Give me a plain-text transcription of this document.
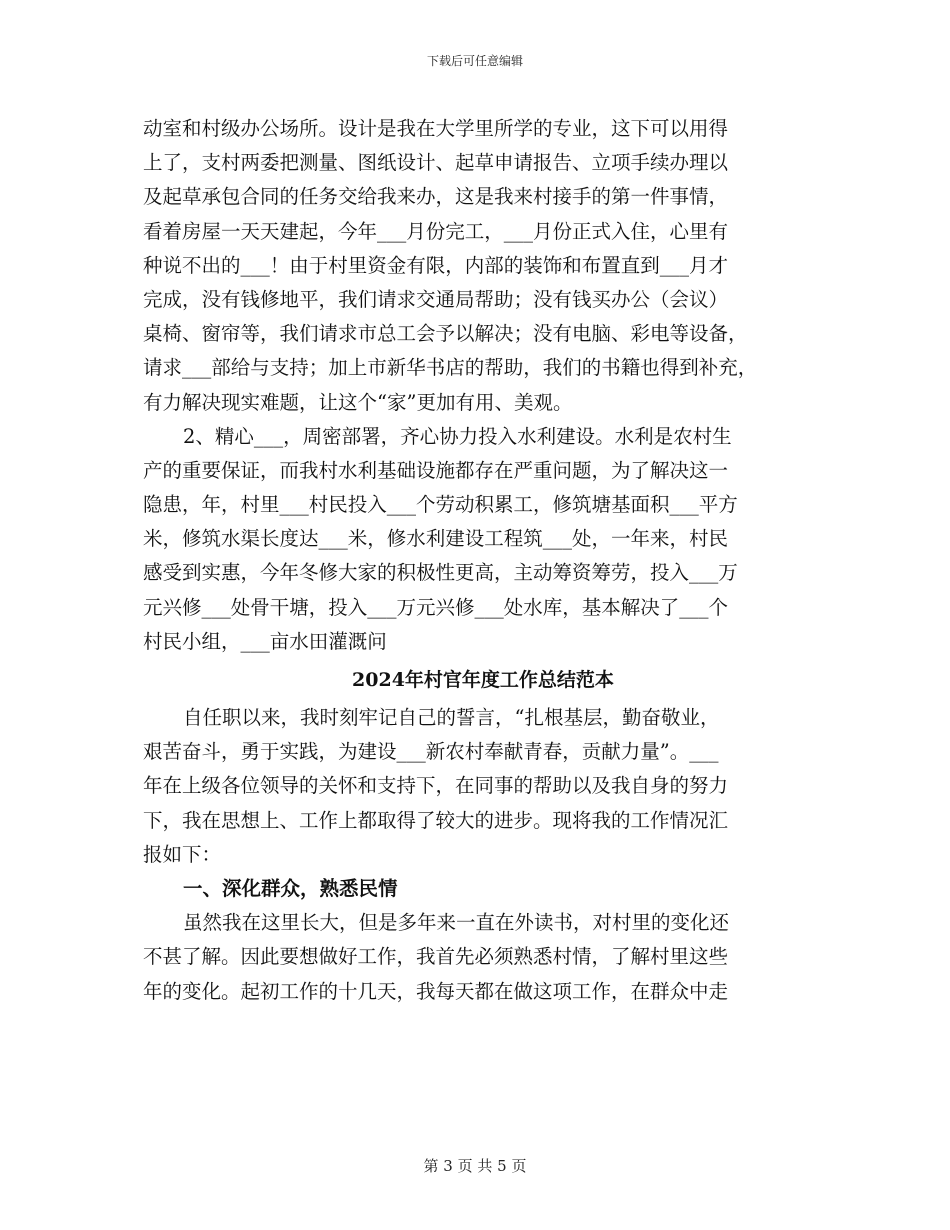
下载后可任意编辑
动室和村级办公场所。设计是我在大学里所学的专业，这下可以用得
上了，支村两委把测量、图纸设计、起草申请报告、立项手续办理以
及起草承包合同的任务交给我来办，这是我来村接手的第一件事情，
看着房屋一天天建起，今年___月份完工，___月份正式入住，心里有
种说不出的___！由于村里资金有限，内部的装饰和布置直到___月才
完成，没有钱修地平，我们请求交通局帮助；没有钱买办公（会议）
桌椅、窗帘等，我们请求市总工会予以解决；没有电脑、彩电等设备，
请求___部给与支持；加上市新华书店的帮助，我们的书籍也得到补充，
有力解决现实难题，让这个“家”更加有用、美观。
2、精心___，周密部署，齐心协力投入水利建设。水利是农村生
产的重要保证，而我村水利基础设施都存在严重问题，为了解决这一
隐患，年，村里___村民投入___个劳动积累工，修筑塘基面积___平方
米，修筑水渠长度达___米，修水利建设工程筑___处，一年来，村民
感受到实惠，今年冬修大家的积极性更高，主动筹资筹劳，投入___万
元兴修___处骨干塘，投入___万元兴修___处水库，基本解决了___个
村民小组，___亩水田灌溉问
2024年村官年度工作总结范本
自任职以来，我时刻牢记自己的誓言，“扎根基层，勤奋敬业，
艰苦奋斗，勇于实践，为建设___新农村奉献青春，贡献力量”。___
年在上级各位领导的关怀和支持下，在同事的帮助以及我自身的努力
下，我在思想上、工作上都取得了较大的进步。现将我的工作情况汇
报如下：
一、深化群众，熟悉民情
虽然我在这里长大，但是多年来一直在外读书，对村里的变化还
不甚了解。因此要想做好工作，我首先必须熟悉村情，了解村里这些
年的变化。起初工作的十几天，我每天都在做这项工作，在群众中走
第 3 页 共 5 页
